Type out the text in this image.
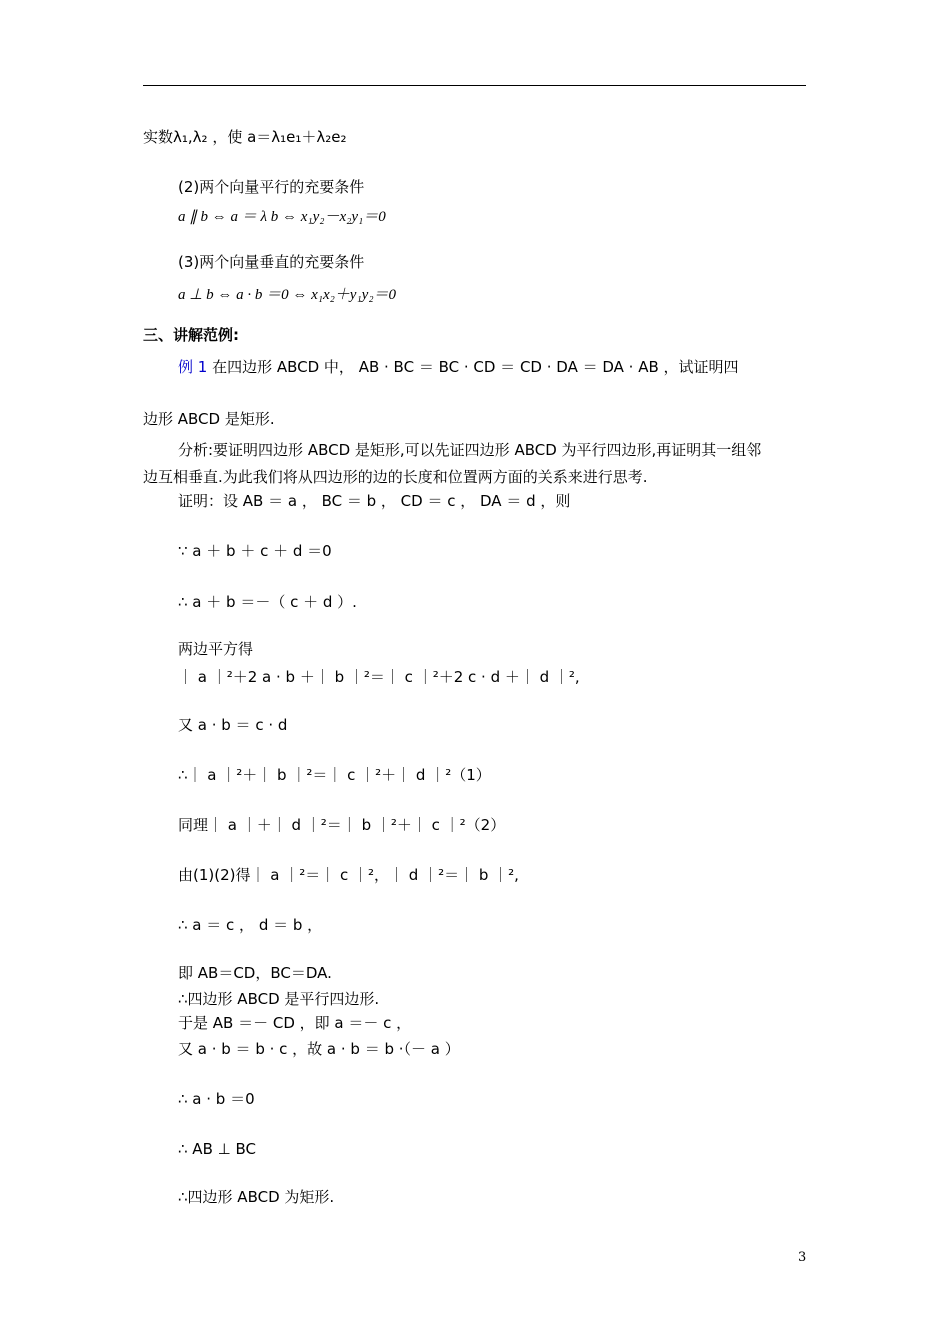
实数λ₁,λ₂ ，使 a＝λ₁e₁＋λ₂e₂
(2)两个向量平行的充要条件
a ∥ b ⇔ a ＝ λ b ⇔ x₁y₂－x₂y₁＝0
(3)两个向量垂直的充要条件
a ⊥ b ⇔ a · b ＝0 ⇔ x₁x₂＋y₁y₂＝0
三、讲解范例:
例 1 在四边形 ABCD 中， AB · BC ＝ BC · CD ＝ CD · DA ＝ DA · AB ，试证明四
边形 ABCD 是矩形.
分析:要证明四边形 ABCD 是矩形,可以先证四边形 ABCD 为平行四边形,再证明其一组邻
边互相垂直.为此我们将从四边形的边的长度和位置两方面的关系来进行思考.
证明：设 AB ＝ a ， BC ＝ b ， CD ＝ c ， DA ＝ d ，则
∵ a ＋ b ＋ c ＋ d ＝0
∴ a ＋ b ＝－（ c ＋ d ）.
两边平方得
｜ a ｜²＋2 a · b ＋｜ b ｜²＝｜ c ｜²＋2 c · d ＋｜ d ｜²,
又 a · b ＝ c · d
∴｜ a ｜²＋｜ b ｜²＝｜ c ｜²＋｜ d ｜²（1）
同理｜ a ｜＋｜ d ｜²＝｜ b ｜²＋｜ c ｜²（2）
由(1)(2)得｜ a ｜²＝｜ c ｜²，｜ d ｜²＝｜ b ｜²,
∴ a ＝ c ， d ＝ b ，
即 AB＝CD，BC＝DA.
∴四边形 ABCD 是平行四边形.
于是 AB ＝－ CD ，即 a ＝－ c ，
又 a · b ＝ b · c ，故 a · b ＝ b ·（－ a ）
∴ a · b ＝0
∴ AB ⊥ BC
∴四边形 ABCD 为矩形.
3
